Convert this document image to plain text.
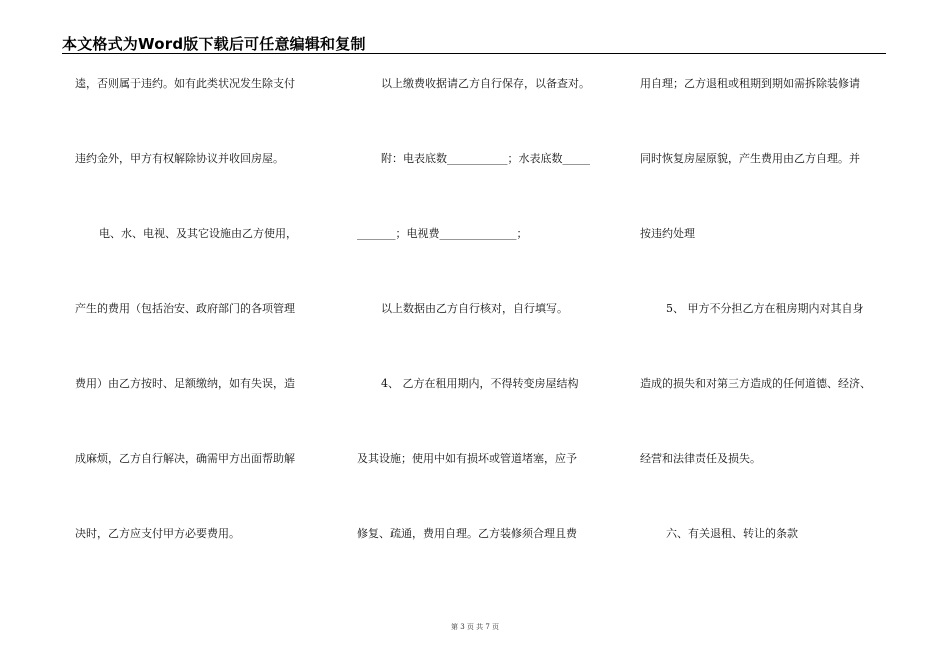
本文格式为Word版下载后可任意编辑和复制
逵，否则属于违约。如有此类状况发生除支付
违约金外，甲方有权解除协议并收回房屋。
电、水、电视、及其它设施由乙方使用，
产生的费用（包括治安、政府部门的各项管理
费用）由乙方按时、足额缴纳，如有失误，造
成麻烦，乙方自行解决，确需甲方出面帮助解
决时，乙方应支付甲方必要费用。
以上缴费收据请乙方自行保存，以备查对。
附：电表底数___________；水表底数_____
_______；电视费______________；
以上数据由乙方自行核对，自行填写。
4、 乙方在租用期内，不得转变房屋结构
及其设施；使用中如有损坏或管道堵塞，应予
修复、疏通，费用自理。乙方装修须合理且费
用自理；乙方退租或租期到期如需拆除装修请
同时恢复房屋原貌，产生费用由乙方自理。并
按违约处理
5、 甲方不分担乙方在租房期内对其自身
造成的损失和对第三方造成的任何道德、经济、
经营和法律责任及损失。
六、有关退租、转让的条款
第 3 页 共 7 页
